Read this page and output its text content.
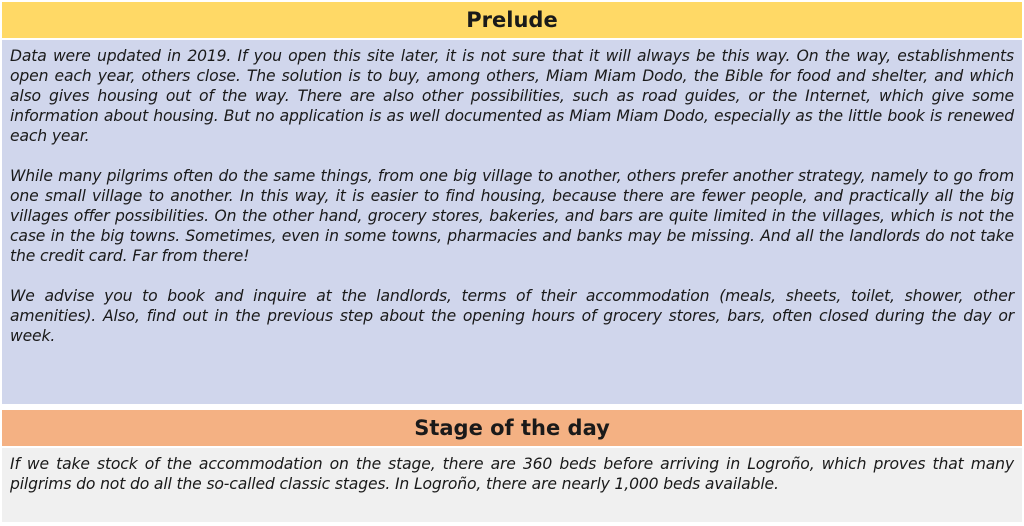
Prelude

Data were updated in 2019. If you open this site later, it is not sure that it will always be this way. On the way, establishments open each year, others close. The solution is to buy, among others, Miam Miam Dodo, the Bible for food and shelter, and which also gives housing out of the way. There are also other possibilities, such as road guides, or the Internet, which give some information about housing. But no application is as well documented as Miam Miam Dodo, especially as the little book is renewed each year.

While many pilgrims often do the same things, from one big village to another, others prefer another strategy, namely to go from one small village to another. In this way, it is easier to find housing, because there are fewer people, and practically all the big villages offer possibilities. On the other hand, grocery stores, bakeries, and bars are quite limited in the villages, which is not the case in the big towns. Sometimes, even in some towns, pharmacies and banks may be missing. And all the landlords do not take the credit card. Far from there!

We advise you to book and inquire at the landlords, terms of their accommodation (meals, sheets, toilet, shower, other amenities). Also, find out in the previous step about the opening hours of grocery stores, bars, often closed during the day or week.

Stage of the day

If we take stock of the accommodation on the stage, there are 360 beds before arriving in Logroño, which proves that many pilgrims do not do all the so-called classic stages. In Logroño, there are nearly 1,000 beds available.
